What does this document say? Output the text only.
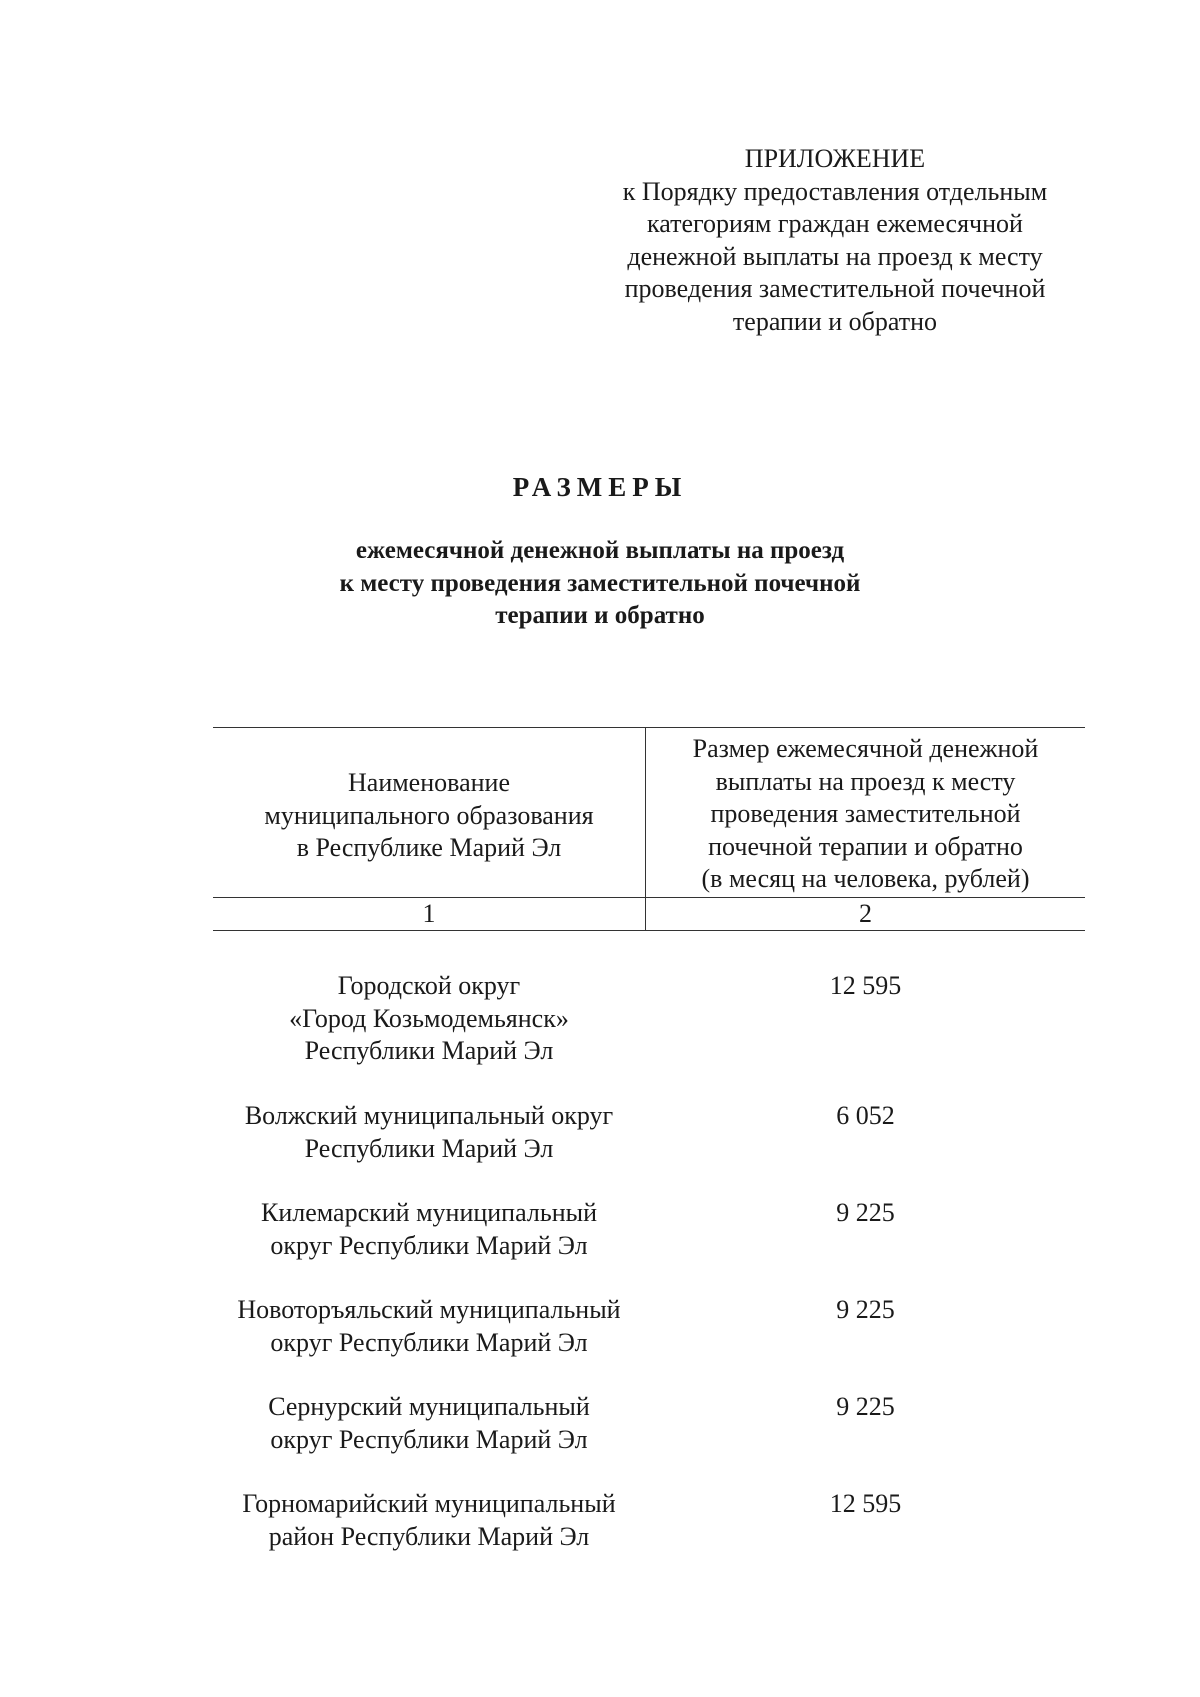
ПРИЛОЖЕНИЕ
к Порядку предоставления отдельным
категориям граждан ежемесячной
денежной выплаты на проезд к месту
проведения заместительной почечной
терапии и обратно
РАЗМЕРЫ
ежемесячной денежной выплаты на проезд
к месту проведения заместительной почечной
терапии и обратно
Наименование
муниципального образования
в Республике Марий Эл
Размер ежемесячной денежной
выплаты на проезд к месту
проведения заместительной
почечной терапии и обратно
(в месяц на человека, рублей)
1	2
Городской округ
«Город Козьмодемьянск»
Республики Марий Эл
12 595
Волжский муниципальный округ
Республики Марий Эл
6 052
Килемарский муниципальный
округ Республики Марий Эл
9 225
Новоторъяльский муниципальный
округ Республики Марий Эл
9 225
Сернурский муниципальный
округ Республики Марий Эл
9 225
Горномарийский муниципальный
район Республики Марий Эл
12 595
